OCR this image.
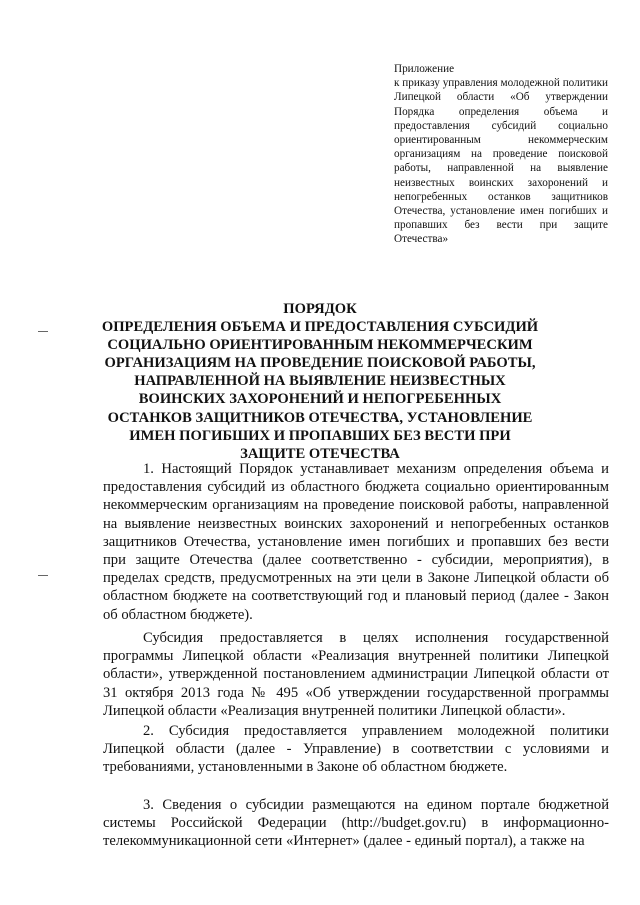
Приложение
к приказу управления молодежной политики Липецкой области «Об утверждении Порядка определения объема и предоставления субсидий социально ориентированным некоммерческим организациям на проведение поисковой работы, направленной на выявление неизвестных воинских захоронений и непогребенных останков защитников Отечества, установление имен погибших и пропавших без вести при защите Отечества»
ПОРЯДОК
ОПРЕДЕЛЕНИЯ ОБЪЕМА И ПРЕДОСТАВЛЕНИЯ СУБСИДИЙ СОЦИАЛЬНО ОРИЕНТИРОВАННЫМ НЕКОММЕРЧЕСКИМ ОРГАНИЗАЦИЯМ НА ПРОВЕДЕНИЕ ПОИСКОВОЙ РАБОТЫ, НАПРАВЛЕННОЙ НА ВЫЯВЛЕНИЕ НЕИЗВЕСТНЫХ ВОИНСКИХ ЗАХОРОНЕНИЙ И НЕПОГРЕБЕННЫХ ОСТАНКОВ ЗАЩИТНИКОВ ОТЕЧЕСТВА, УСТАНОВЛЕНИЕ ИМЕН ПОГИБШИХ И ПРОПАВШИХ БЕЗ ВЕСТИ ПРИ ЗАЩИТЕ ОТЕЧЕСТВА
1. Настоящий Порядок устанавливает механизм определения объема и предоставления субсидий из областного бюджета социально ориентированным некоммерческим организациям на проведение поисковой работы, направленной на выявление неизвестных воинских захоронений и непогребенных останков защитников Отечества, установление имен погибших и пропавших без вести при защите Отечества (далее соответственно - субсидии, мероприятия), в пределах средств, предусмотренных на эти цели в Законе Липецкой области об областном бюджете на соответствующий год и плановый период (далее - Закон об областном бюджете).
Субсидия предоставляется в целях исполнения государственной программы Липецкой области «Реализация внутренней политики Липецкой области», утвержденной постановлением администрации Липецкой области от 31 октября 2013 года № 495 «Об утверждении государственной программы Липецкой области «Реализация внутренней политики Липецкой области».
2. Субсидия предоставляется управлением молодежной политики Липецкой области (далее - Управление) в соответствии с условиями и требованиями, установленными в Законе об областном бюджете.
3. Сведения о субсидии размещаются на едином портале бюджетной системы Российской Федерации (http://budget.gov.ru) в информационно-телекоммуникационной сети «Интернет» (далее - единый портал), а также на
